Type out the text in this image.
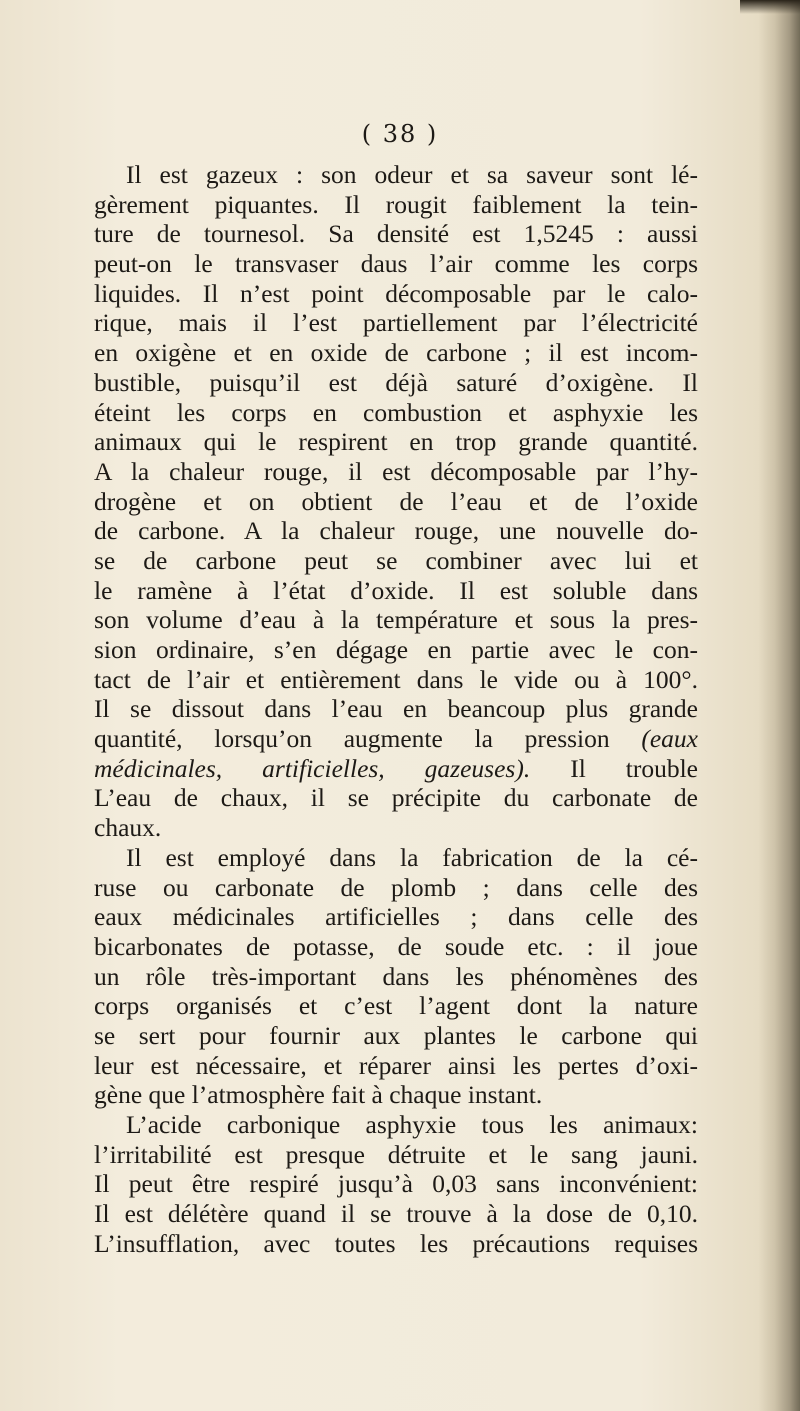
( 38 )
Il est gazeux : son odeur et sa saveur sont lé-
gèrement piquantes. Il rougit faiblement la tein-
ture de tournesol. Sa densité est 1,5245 : aussi
peut-on le transvaser daus l’air comme les corps
liquides. Il n’est point décomposable par le calo-
rique, mais il l’est partiellement par l’électricité
en oxigène et en oxide de carbone ; il est incom-
bustible, puisqu’il est déjà saturé d’oxigène. Il
éteint les corps en combustion et asphyxie les
animaux qui le respirent en trop grande quantité.
A la chaleur rouge, il est décomposable par l’hy-
drogène et on obtient de l’eau et de l’oxide
de carbone. A la chaleur rouge, une nouvelle do-
se de carbone peut se combiner avec lui et
le ramène à l’état d’oxide. Il est soluble dans
son volume d’eau à la température et sous la pres-
sion ordinaire, s’en dégage en partie avec le con-
tact de l’air et entièrement dans le vide ou à 100°.
Il se dissout dans l’eau en beancoup plus grande
quantité, lorsqu’on augmente la pression (eaux
médicinales, artificielles, gazeuses). Il trouble
L’eau de chaux, il se précipite du carbonate de
chaux.
Il est employé dans la fabrication de la cé-
ruse ou carbonate de plomb ; dans celle des
eaux médicinales artificielles ; dans celle des
bicarbonates de potasse, de soude etc. : il joue
un rôle très-important dans les phénomènes des
corps organisés et c’est l’agent dont la nature
se sert pour fournir aux plantes le carbone qui
leur est nécessaire, et réparer ainsi les pertes d’oxi-
gène que l’atmosphère fait à chaque instant.
L’acide carbonique asphyxie tous les animaux:
l’irritabilité est presque détruite et le sang jauni.
Il peut être respiré jusqu’à 0,03 sans inconvénient:
Il est délétère quand il se trouve à la dose de 0,10.
L’insufflation, avec toutes les précautions requises
